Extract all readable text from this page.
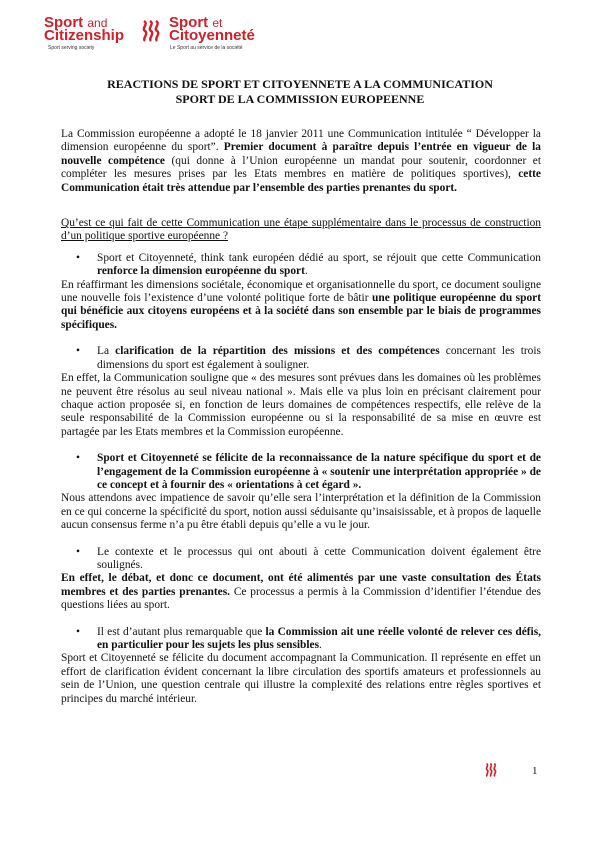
Sport and
Citizenship
Sport serving society
Sport et
Citoyenneté
Le Sport au service de la société
REACTIONS DE SPORT ET CITOYENNETE A LA COMMUNICATION
SPORT DE LA COMMISSION EUROPEENNE

La Commission européenne a adopté le 18 janvier 2011 une Communication intitulée “ Développer la dimension européenne du sport”. Premier document à paraître depuis l’entrée en vigueur de la nouvelle compétence (qui donne à l’Union européenne un mandat pour soutenir, coordonner et compléter les mesures prises par les Etats membres en matière de politiques sportives), cette Communication était très attendue par l’ensemble des parties prenantes du sport.

Qu’est ce qui fait de cette Communication une étape supplémentaire dans le processus de construction d’un politique sportive européenne ?

• Sport et Citoyenneté, think tank européen dédié au sport, se réjouit que cette Communication renforce la dimension européenne du sport.

En réaffirmant les dimensions sociétale, économique et organisationnelle du sport, ce document souligne une nouvelle fois l’existence d’une volonté politique forte de bâtir une politique européenne du sport qui bénéficie aux citoyens européens et à la société dans son ensemble par le biais de programmes spécifiques.

• La clarification de la répartition des missions et des compétences concernant les trois dimensions du sport est également à souligner.

En effet, la Communication souligne que « des mesures sont prévues dans les domaines où les problèmes ne peuvent être résolus au seul niveau national ». Mais elle va plus loin en précisant clairement pour chaque action proposée si, en fonction de leurs domaines de compétences respectifs, elle relève de la seule responsabilité de la Commission européenne ou si la responsabilité de sa mise en œuvre est partagée par les Etats membres et la Commission européenne.

• Sport et Citoyenneté se félicite de la reconnaissance de la nature spécifique du sport et de l’engagement de la Commission européenne à « soutenir une interprétation appropriée » de ce concept et à fournir des « orientations à cet égard ».

Nous attendons avec impatience de savoir qu’elle sera l’interprétation et la définition de la Commission en ce qui concerne la spécificité du sport, notion aussi séduisante qu’insaisissable, et à propos de laquelle aucun consensus ferme n’a pu être établi depuis qu’elle a vu le jour.

• Le contexte et le processus qui ont abouti à cette Communication doivent également être soulignés.

En effet, le débat, et donc ce document, ont été alimentés par une vaste consultation des États membres et des parties prenantes. Ce processus a permis à la Commission d’identifier l’étendue des questions liées au sport.

• Il est d’autant plus remarquable que la Commission ait une réelle volonté de relever ces défis, en particulier pour les sujets les plus sensibles.

Sport et Citoyenneté se félicite du document accompagnant la Communication. Il représente en effet un effort de clarification évident concernant la libre circulation des sportifs amateurs et professionnels au sein de l’Union, une question centrale qui illustre la complexité des relations entre règles sportives et principes du marché intérieur.

1
